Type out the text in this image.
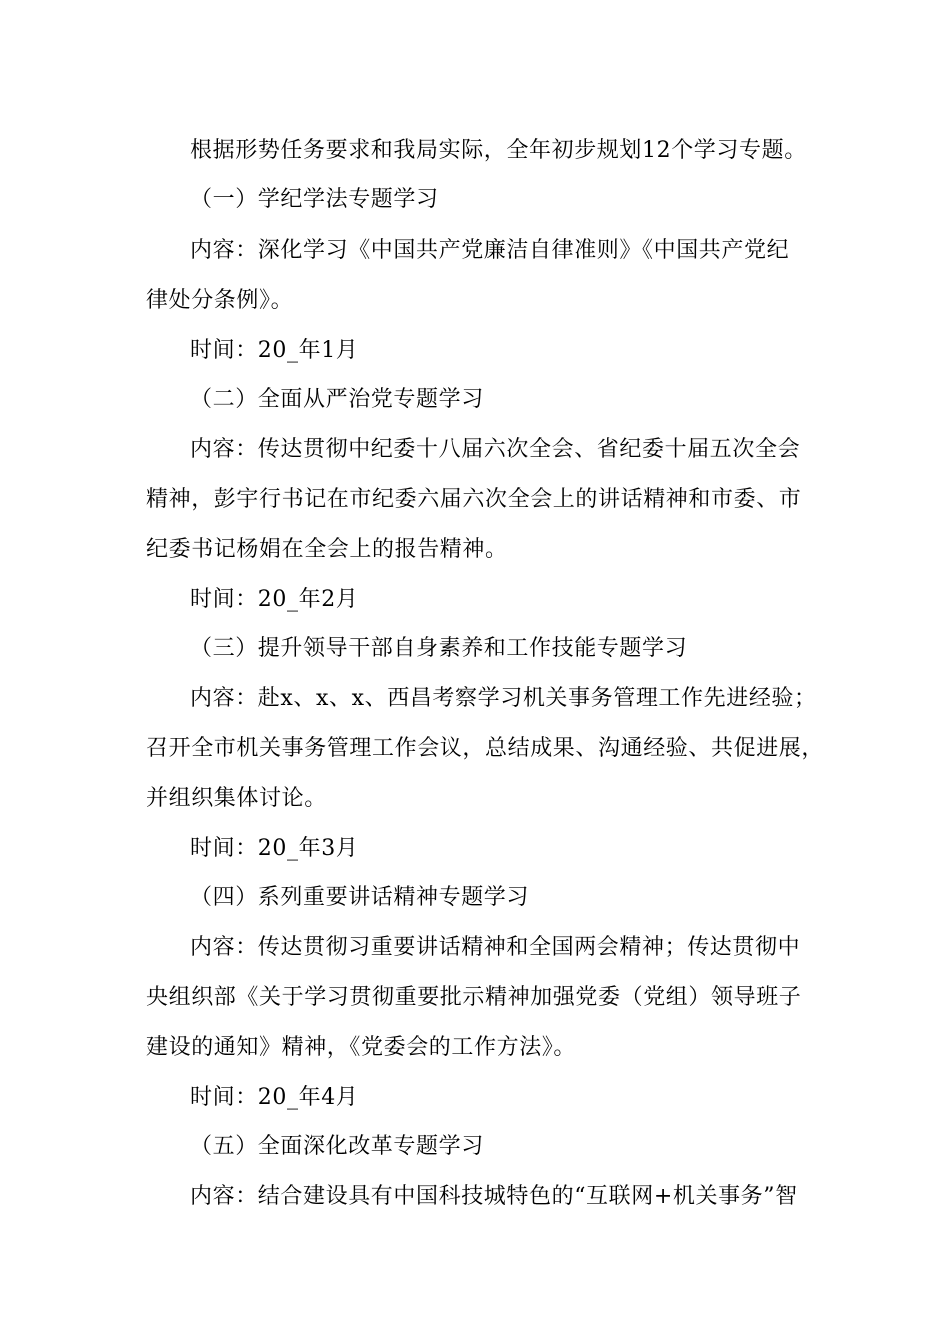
根据形势任务要求和我局实际，全年初步规划12个学习专题。
（一）学纪学法专题学习
内容：深化学习《中国共产党廉洁自律准则》《中国共产党纪
律处分条例》。
时间：20_年1月
（二）全面从严治党专题学习
内容：传达贯彻中纪委十八届六次全会、省纪委十届五次全会
精神，彭宇行书记在市纪委六届六次全会上的讲话精神和市委、市
纪委书记杨娟在全会上的报告精神。
时间：20_年2月
（三）提升领导干部自身素养和工作技能专题学习
内容：赴x、x、x、西昌考察学习机关事务管理工作先进经验；
召开全市机关事务管理工作会议，总结成果、沟通经验、共促进展，
并组织集体讨论。
时间：20_年3月
（四）系列重要讲话精神专题学习
内容：传达贯彻习重要讲话精神和全国两会精神；传达贯彻中
央组织部《关于学习贯彻重要批示精神加强党委（党组）领导班子
建设的通知》精神，《党委会的工作方法》。
时间：20_年4月
（五）全面深化改革专题学习
内容：结合建设具有中国科技城特色的“互联网+机关事务”智
